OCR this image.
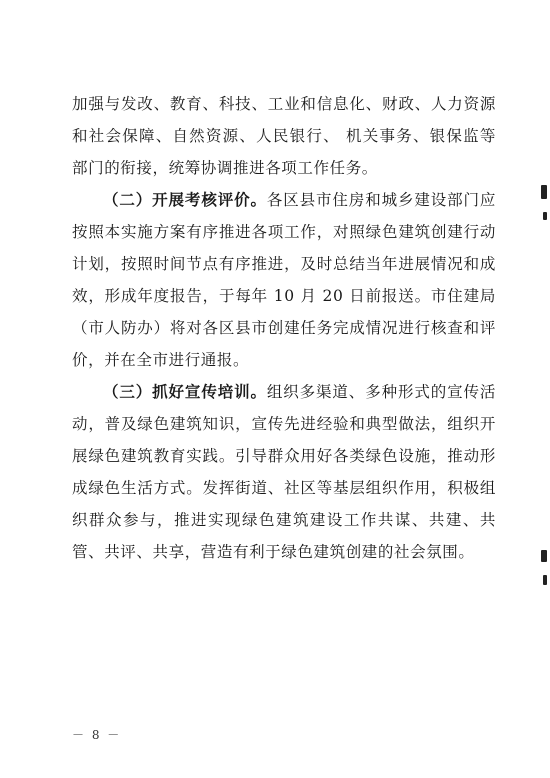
加强与发改、教育、科技、工业和信息化、财政、人力资源和社会保障、自然资源、人民银行、 机关事务、银保监等部门的衔接，统筹协调推进各项工作任务。

（二）开展考核评价。各区县市住房和城乡建设部门应按照本实施方案有序推进各项工作，对照绿色建筑创建行动计划，按照时间节点有序推进，及时总结当年进展情况和成效，形成年度报告，于每年 10 月 20 日前报送。市住建局（市人防办）将对各区县市创建任务完成情况进行核查和评价，并在全市进行通报。

（三）抓好宣传培训。组织多渠道、多种形式的宣传活动，普及绿色建筑知识，宣传先进经验和典型做法，组织开展绿色建筑教育实践。引导群众用好各类绿色设施，推动形成绿色生活方式。发挥街道、社区等基层组织作用，积极组织群众参与，推进实现绿色建筑建设工作共谋、共建、共管、共评、共享，营造有利于绿色建筑创建的社会氛围。

－ 8 －
